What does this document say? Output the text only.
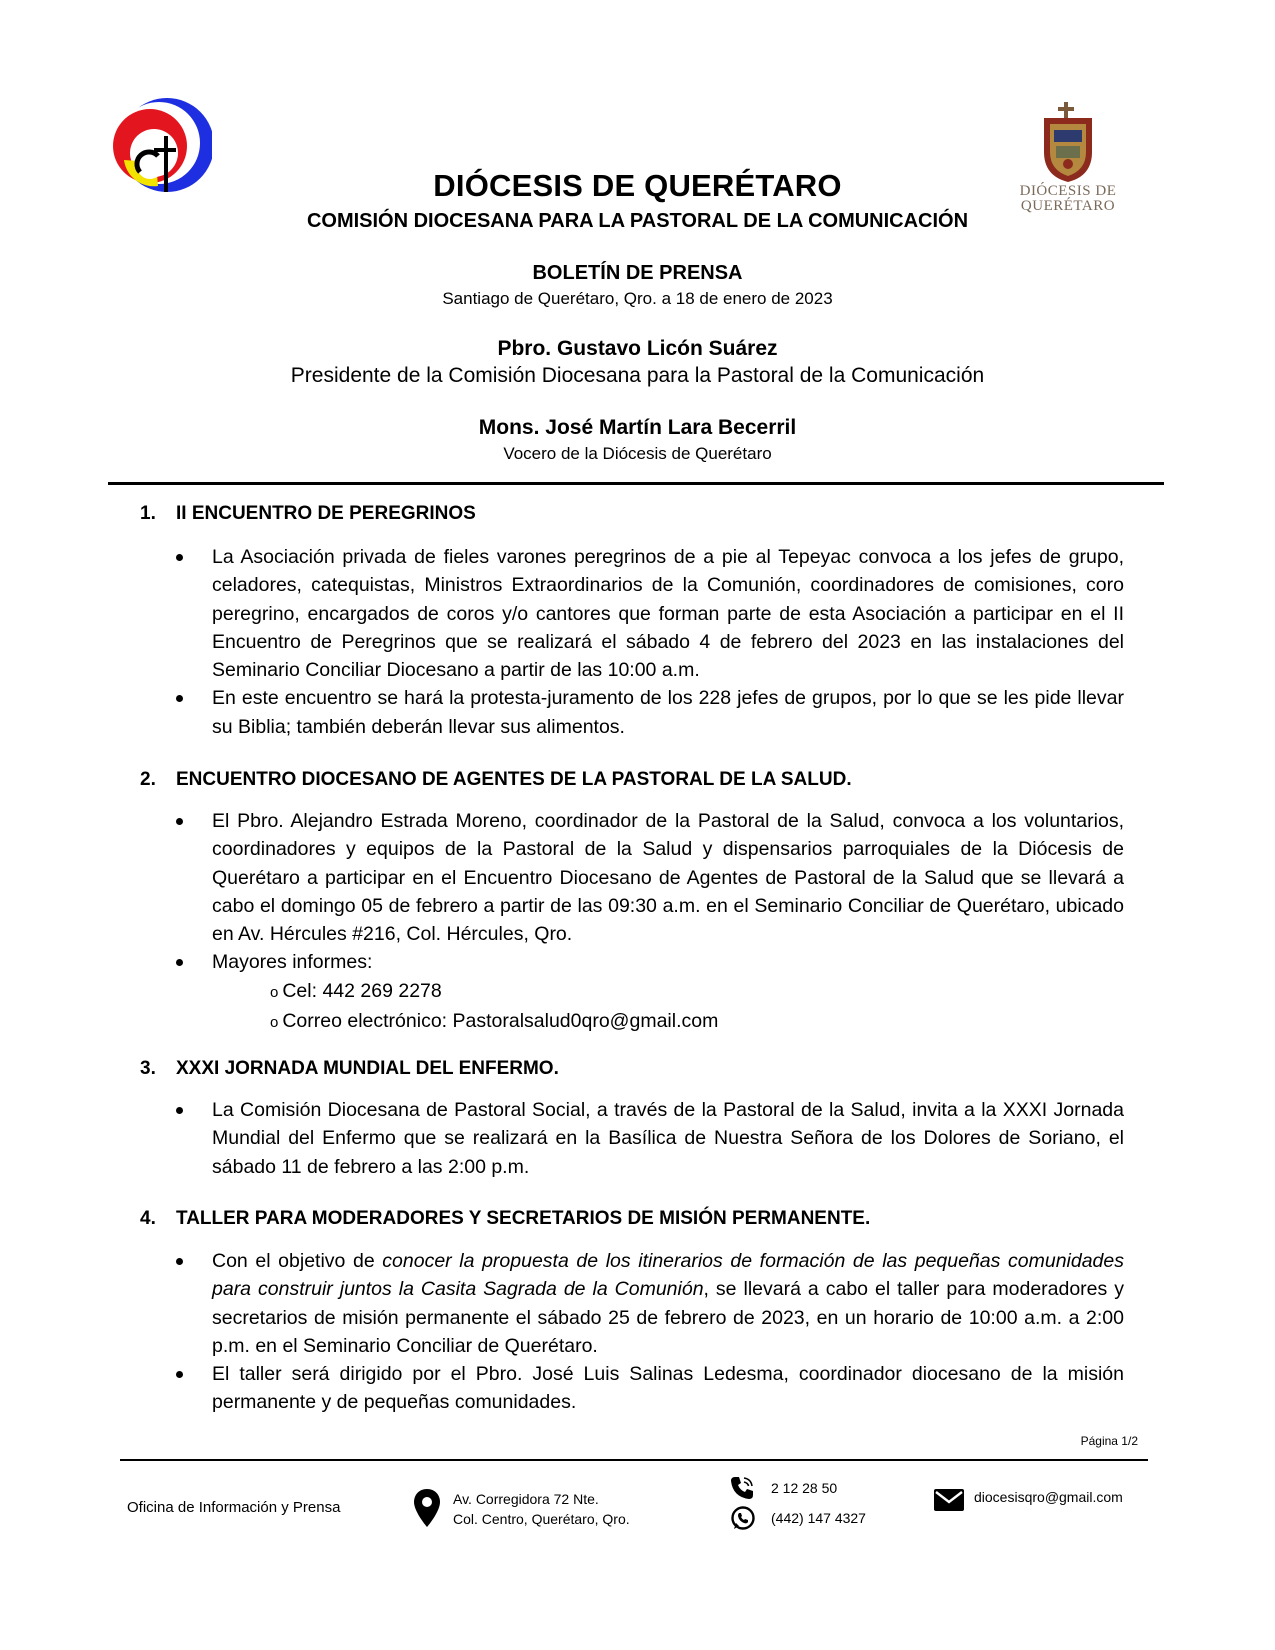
DIÓCESIS DE
QUERÉTARO
DIÓCESIS DE QUERÉTARO
COMISIÓN DIOCESANA PARA LA PASTORAL DE LA COMUNICACIÓN
BOLETÍN DE PRENSA
Santiago de Querétaro, Qro. a 18 de enero de 2023
Pbro. Gustavo Licón Suárez
Presidente de la Comisión Diocesana para la Pastoral de la Comunicación
Mons. José Martín Lara Becerril
Vocero de la Diócesis de Querétaro
1. II ENCUENTRO DE PEREGRINOS
La Asociación privada de fieles varones peregrinos de a pie al Tepeyac convoca a los jefes de grupo, celadores, catequistas, Ministros Extraordinarios de la Comunión, coordinadores de comisiones, coro peregrino, encargados de coros y/o cantores que forman parte de esta Asociación a participar en el II Encuentro de Peregrinos que se realizará el sábado 4 de febrero del 2023 en las instalaciones del Seminario Conciliar Diocesano a partir de las 10:00 a.m.
En este encuentro se hará la protesta-juramento de los 228 jefes de grupos, por lo que se les pide llevar su Biblia; también deberán llevar sus alimentos.
2. ENCUENTRO DIOCESANO DE AGENTES DE LA PASTORAL DE LA SALUD.
El Pbro. Alejandro Estrada Moreno, coordinador de la Pastoral de la Salud, convoca a los voluntarios, coordinadores y equipos de la Pastoral de la Salud y dispensarios parroquiales de la Diócesis de Querétaro a participar en el Encuentro Diocesano de Agentes de Pastoral de la Salud que se llevará a cabo el domingo 05 de febrero a partir de las 09:30 a.m. en el Seminario Conciliar de Querétaro, ubicado en Av. Hércules #216, Col. Hércules, Qro.
Mayores informes:
o Cel: 442 269 2278
o Correo electrónico: Pastoralsalud0qro@gmail.com
3. XXXI JORNADA MUNDIAL DEL ENFERMO.
La Comisión Diocesana de Pastoral Social, a través de la Pastoral de la Salud, invita a la XXXI Jornada Mundial del Enfermo que se realizará en la Basílica de Nuestra Señora de los Dolores de Soriano, el sábado 11 de febrero a las 2:00 p.m.
4. TALLER PARA MODERADORES Y SECRETARIOS DE MISIÓN PERMANENTE.
Con el objetivo de conocer la propuesta de los itinerarios de formación de las pequeñas comunidades para construir juntos la Casita Sagrada de la Comunión, se llevará a cabo el taller para moderadores y secretarios de misión permanente el sábado 25 de febrero de 2023, en un horario de 10:00 a.m. a 2:00 p.m. en el Seminario Conciliar de Querétaro.
El taller será dirigido por el Pbro. José Luis Salinas Ledesma, coordinador diocesano de la misión permanente y de pequeñas comunidades.
Página 1/2
Oficina de Información y Prensa	Av. Corregidora 72 Nte.
Col. Centro, Querétaro, Qro.
2 12 28 50
(442) 147 4327
diocesisqro@gmail.com
